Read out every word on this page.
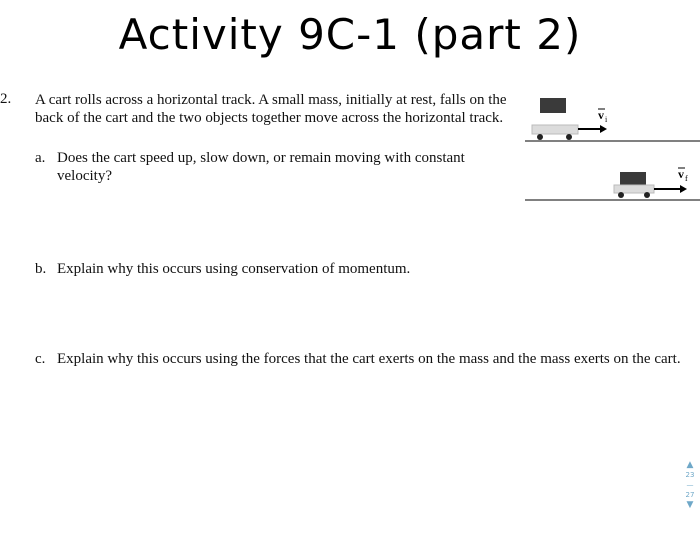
Activity 9C-1 (part 2)
2. A cart rolls across a horizontal track. A small mass, initially at rest, falls on the back of the cart and the two objects together move across the horizontal track.
a. Does the cart speed up, slow down, or remain moving with constant velocity?
b. Explain why this occurs using conservation of momentum.
c. Explain why this occurs using the forces that the cart exerts on the mass and the mass exerts on the cart.
v i
v f
▲
23
—
27
▼
